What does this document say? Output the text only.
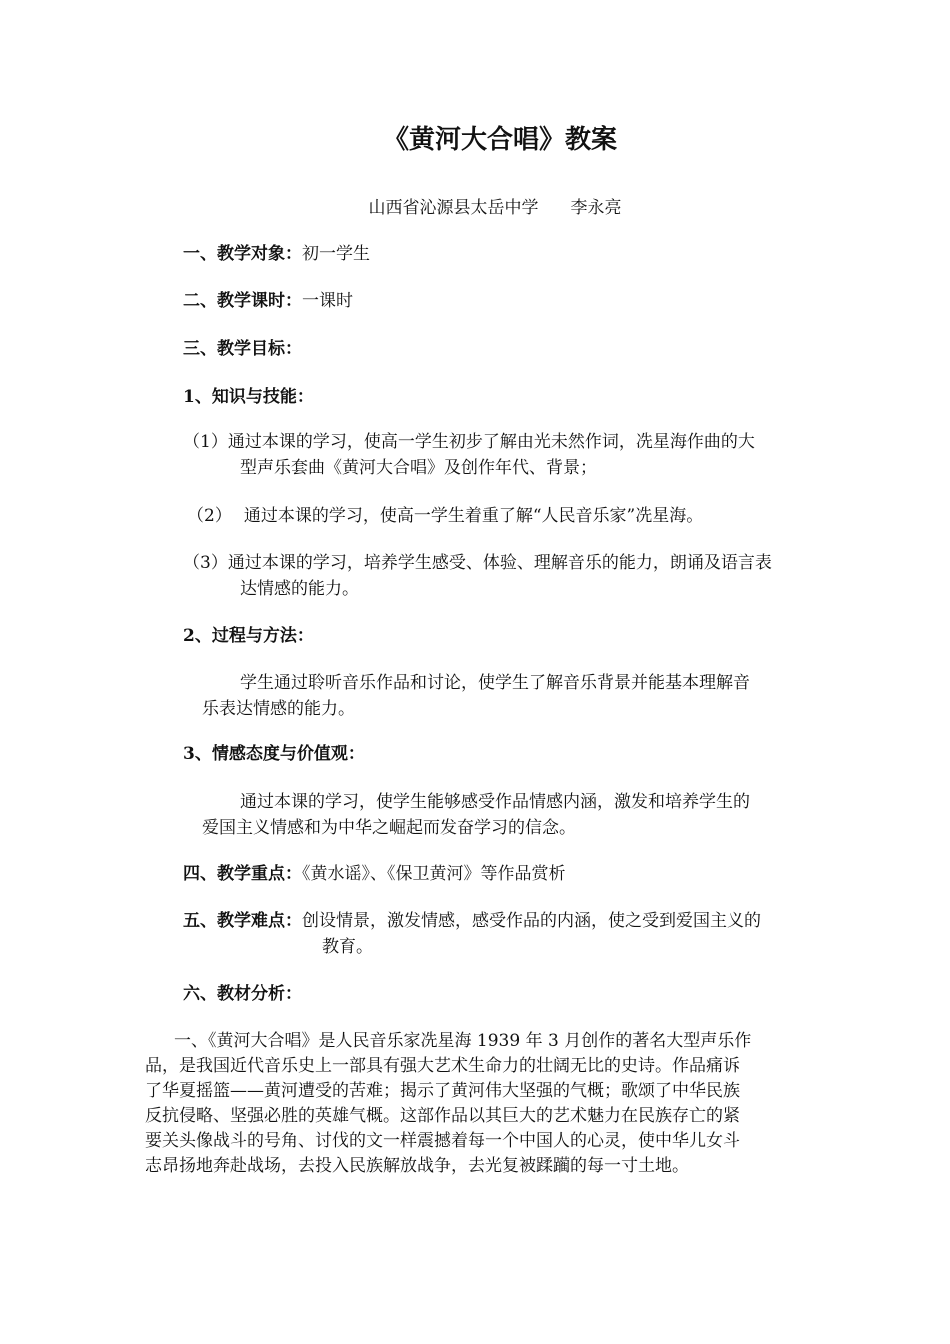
《黄河大合唱》教案
山西省沁源县太岳中学 李永亮
一、教学对象：初一学生
二、教学课时：一课时
三、教学目标：
1、知识与技能：
（1）通过本课的学习，使高一学生初步了解由光未然作词，冼星海作曲的大
型声乐套曲《黄河大合唱》及创作年代、背景；
（2） 通过本课的学习，使高一学生着重了解“人民音乐家”冼星海。
（3）通过本课的学习，培养学生感受、体验、理解音乐的能力，朗诵及语言表
达情感的能力。
2、过程与方法：
学生通过聆听音乐作品和讨论，使学生了解音乐背景并能基本理解音
乐表达情感的能力。
3、情感态度与价值观：
通过本课的学习，使学生能够感受作品情感内涵，激发和培养学生的
爱国主义情感和为中华之崛起而发奋学习的信念。
四、教学重点：《黄水谣》、《保卫黄河》等作品赏析
五、教学难点：创设情景，激发情感，感受作品的内涵，使之受到爱国主义的
教育。
六、教材分析：
一、《黄河大合唱》是人民音乐家冼星海 1939 年 3 月创作的著名大型声乐作
品，是我国近代音乐史上一部具有强大艺术生命力的壮阔无比的史诗。作品痛诉
了华夏摇篮——黄河遭受的苦难；揭示了黄河伟大坚强的气概；歌颂了中华民族
反抗侵略、坚强必胜的英雄气概。这部作品以其巨大的艺术魅力在民族存亡的紧
要关头像战斗的号角、讨伐的文一样震撼着每一个中国人的心灵，使中华儿女斗
志昂扬地奔赴战场，去投入民族解放战争，去光复被蹂躏的每一寸土地。
